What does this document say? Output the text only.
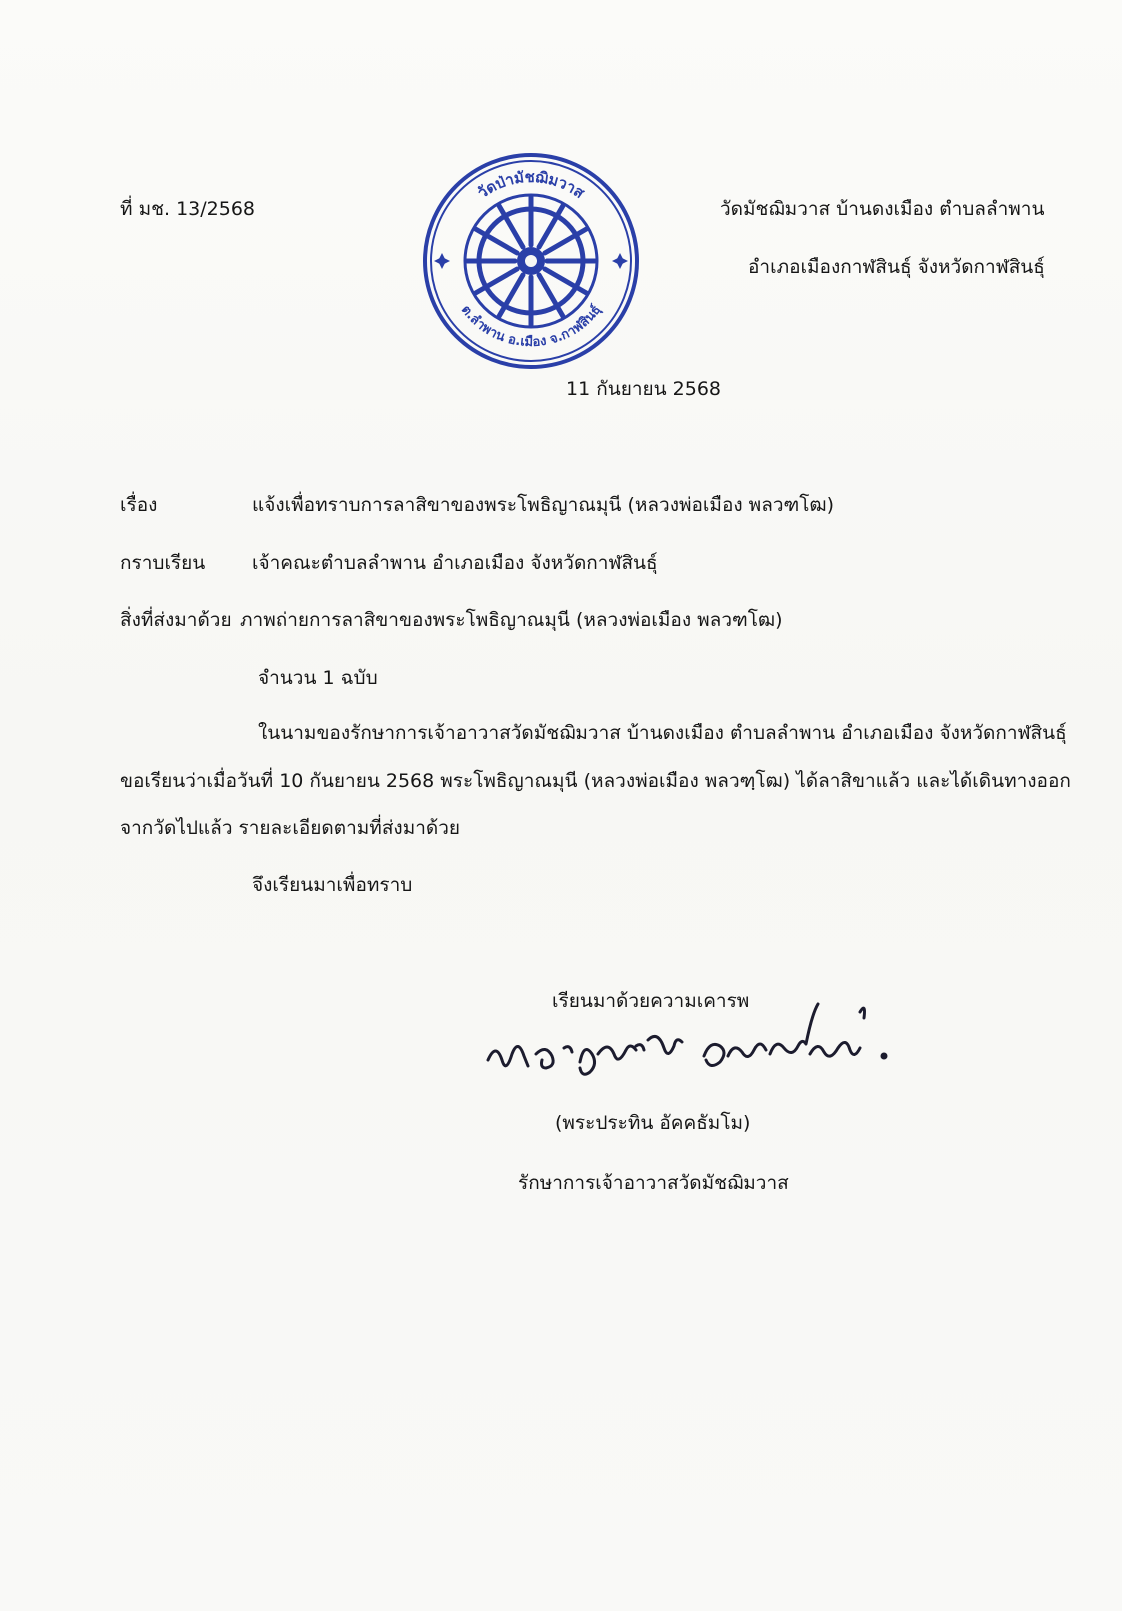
ที่ มช. 13/2568
วัดป่ามัชฌิมวาส
ต.ลำพาน อ.เมือง จ.กาฬสินธุ์
วัดมัชฌิมวาส บ้านดงเมือง ตำบลลำพาน
อำเภอเมืองกาฬสินธุ์ จังหวัดกาฬสินธุ์
11 กันยายน 2568
เรื่อง	แจ้งเพื่อทราบการลาสิขาของพระโพธิญาณมุนี (หลวงพ่อเมือง พลวฑโฒ)
กราบเรียน เจ้าคณะตำบลลำพาน อำเภอเมือง จังหวัดกาฬสินธุ์
สิ่งที่ส่งมาด้วย ภาพถ่ายการลาสิขาของพระโพธิญาณมุนี (หลวงพ่อเมือง พลวฑโฒ)
จำนวน 1 ฉบับ
ในนามของรักษาการเจ้าอาวาสวัดมัชฌิมวาส บ้านดงเมือง ตำบลลำพาน อำเภอเมือง จังหวัดกาฬสินธุ์
ขอเรียนว่าเมื่อวันที่ 10 กันยายน 2568 พระโพธิญาณมุนี (หลวงพ่อเมือง พลวฑฺโฒ) ได้ลาสิขาแล้ว และได้เดินทางออก
จากวัดไปแล้ว รายละเอียดตามที่ส่งมาด้วย
จึงเรียนมาเพื่อทราบ
เรียนมาด้วยความเคารพ
(พระประทิน อัคคธัมโม)
รักษาการเจ้าอาวาสวัดมัชฌิมวาส
